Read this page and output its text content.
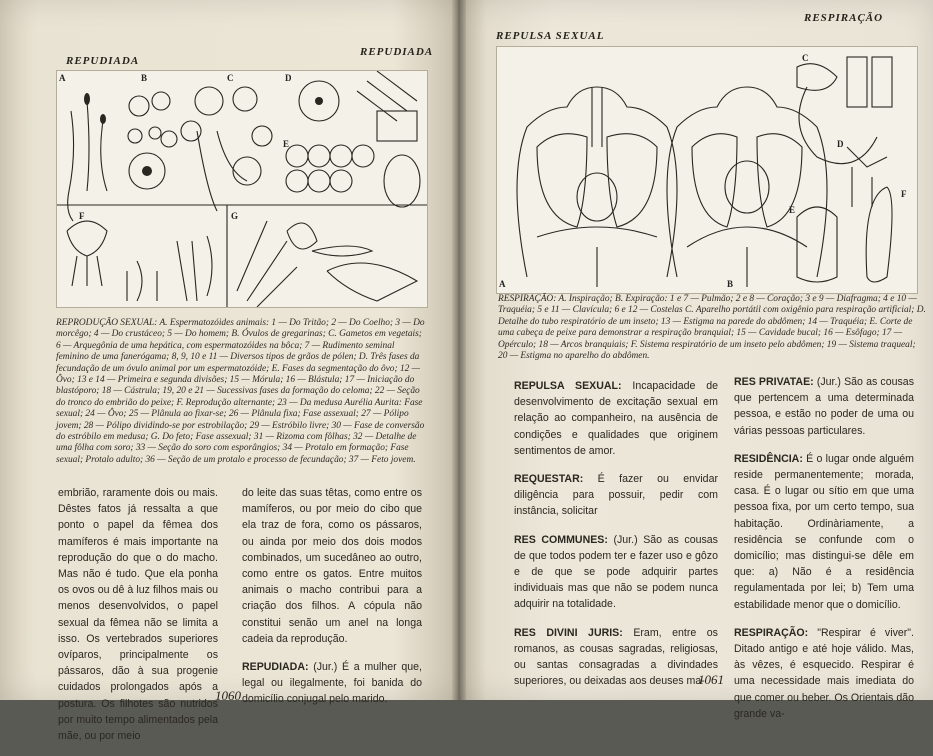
REPUDIADA
REPUDIADA
A	B	C	D
E
F	G
REPRODUÇÃO SEXUAL: A. Espermatozóides animais: 1 — Do Tritão; 2 — Do Coelho; 3 — Do morcêgo; 4 — Do crustáceo; 5 — Do homem; B. Óvulos de gregarinas; C. Gametos em vegetais; 6 — Arquegônia de uma hepática, com espermatozóides na bôca; 7 — Rudimento seminal feminino de uma fanerógama; 8, 9, 10 e 11 — Diversos tipos de grãos de pólen; D. Três fases da fecundação de um óvulo animal por um espermatozóide; E. Fases da segmentação do ôvo; 12 — Ôvo; 13 e 14 — Primeira e segunda divisões; 15 — Mórula; 16 — Blástula; 17 — Iniciação do blastóporo; 18 — Cástrula; 19, 20 e 21 — Sucessivas fases da formação do celoma; 22 — Seção do tronco do embrião do peixe; F. Reprodução alternante; 23 — Da medusa Aurélia Aurita: Fase sexual; 24 — Ôvo; 25 — Plânula ao fixar-se; 26 — Plânula fixa; Fase assexual; 27 — Pólipo jovem; 28 — Pólipo dividindo-se por estrobilação; 29 — Estróbilo livre; 30 — Fase de conversão do estróbilo em medusa; G. Do feto; Fase assexual; 31 — Rizoma com fôlhas; 32 — Detalhe de uma fôlha com soro; 33 — Seção do soro com esporângios; 34 — Protalo em formação; Fase sexual; Protalo adulto; 36 — Seção de um protalo e processo de fecundação; 37 — Feto jovem.

embrião, raramente dois ou mais. Dêstes fatos já ressalta a que ponto o papel da fêmea dos mamíferos é mais importante na reprodução do que o do macho. Mas não é tudo. Que ela ponha os ovos ou dê à luz filhos mais ou menos desenvolvidos, o papel sexual da fêmea não se limita a isso. Os vertebrados superiores ovíparos, principalmente os pássaros, dão à sua progenie cuidados prolongados após a postura. Os filhotes são nutridos por muito tempo alimentados pela mãe, ou por meio

do leite das suas têtas, como entre os mamíferos, ou por meio do cibo que ela traz de fora, como os pássaros, ou ainda por meio dos dois modos combinados, um sucedâneo ao outro, como entre os gatos. Entre muitos animais o macho contribui para a criação dos filhos. A cópula não constitui senão um anel na longa cadeia da reprodução.

REPUDIADA: (Jur.) É a mulher que, legal ou ilegalmente, foi banida do domicílio conjugal pelo marido.

1060
REPULSA SEXUAL
RESPIRAÇÃO
A	B
C
D
E
F
RESPIRAÇÃO: A. Inspiração; B. Expiração: 1 e 7 — Pulmão; 2 e 8 — Coração; 3 e 9 — Diafragma; 4 e 10 — Traquéia; 5 e 11 — Clavícula; 6 e 12 — Costelas C. Aparelho portátil com oxigênio para respiração artificial; D. Detalhe do tubo respiratório de um inseto; 13 — Estigma na parede do abdômen; 14 — Traquéia; E. Corte de uma cabeça de peixe para demonstrar a respiração branquial; 15 — Cavidade bucal; 16 — Esôfago; 17 — Opérculo; 18 — Arcos branquiais; F. Sistema respiratório de um inseto pelo abdômen; 19 — Sistema traqueal; 20 — Estigma no aparelho do abdômen.

REPULSA SEXUAL: Incapacidade de desenvolvimento de excitação sexual em relação ao companheiro, na ausência de condições e qualidades que originem sentimentos de amor.

REQUESTAR: É fazer ou envidar diligência para possuir, pedir com instância, solicitar

RES COMMUNES: (Jur.) São as cousas de que todos podem ter e fazer uso e gôzo e de que se pode adquirir partes individuais mas que não se podem nunca adquirir na totalidade.

RES DIVINI JURIS: Eram, entre os romanos, as cousas sagradas, religiosas, ou santas consagradas a divindades superiores, ou deixadas aos deuses ma-

RES PRIVATAE: (Jur.) São as cousas que pertencem a uma determinada pessoa, e estão no poder de uma ou várias pessoas particulares.

RESIDÊNCIA: É o lugar onde alguém reside permanentemente; morada, casa. É o lugar ou sítio em que uma pessoa fixa, por um certo tempo, sua habitação. Ordinàriamente, a residência se confunde com o domicílio; mas distingui-se dêle em que: a) Não é a residência regulamentada por lei; b) Tem uma estabilidade menor que o domicílio.

RESPIRAÇÃO: "Respirar é viver". Ditado antigo e até hoje válido. Mas, às vêzes, é esquecido. Respirar é uma necessidade mais imediata do que comer ou beber. Os Orientais dão grande va-

1061
